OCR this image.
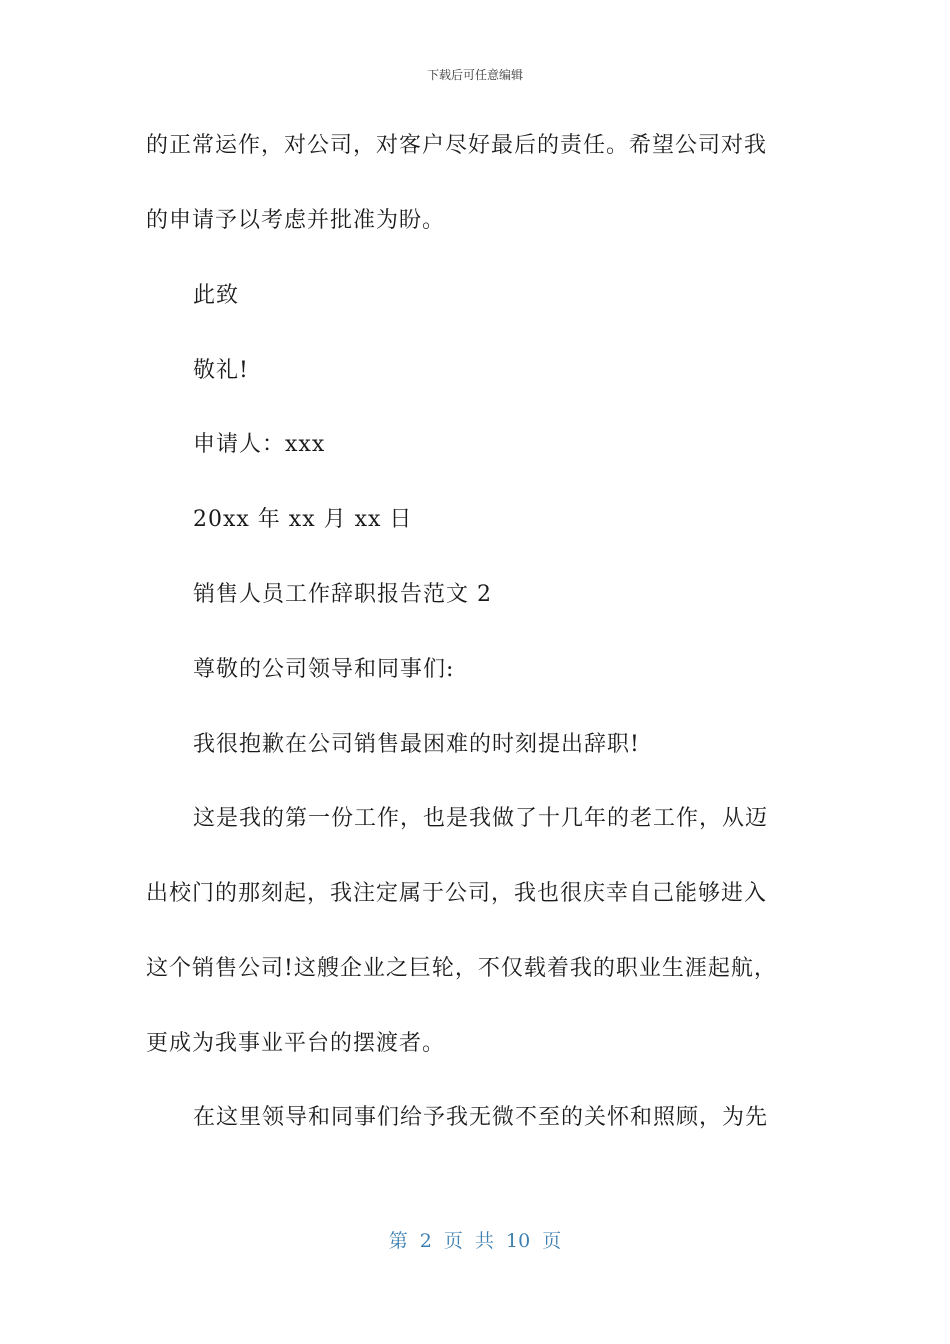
下载后可任意编辑
的正常运作，对公司，对客户尽好最后的责任。希望公司对我
的申请予以考虑并批准为盼。
此致
敬礼!
申请人：xxx
20xx 年 xx 月 xx 日
销售人员工作辞职报告范文 2
尊敬的公司领导和同事们:
我很抱歉在公司销售最困难的时刻提出辞职!
这是我的第一份工作，也是我做了十几年的老工作，从迈
出校门的那刻起，我注定属于公司，我也很庆幸自己能够进入
这个销售公司!这艘企业之巨轮，不仅载着我的职业生涯起航，
更成为我事业平台的摆渡者。
在这里领导和同事们给予我无微不至的关怀和照顾，为先
第 2 页 共 10 页
